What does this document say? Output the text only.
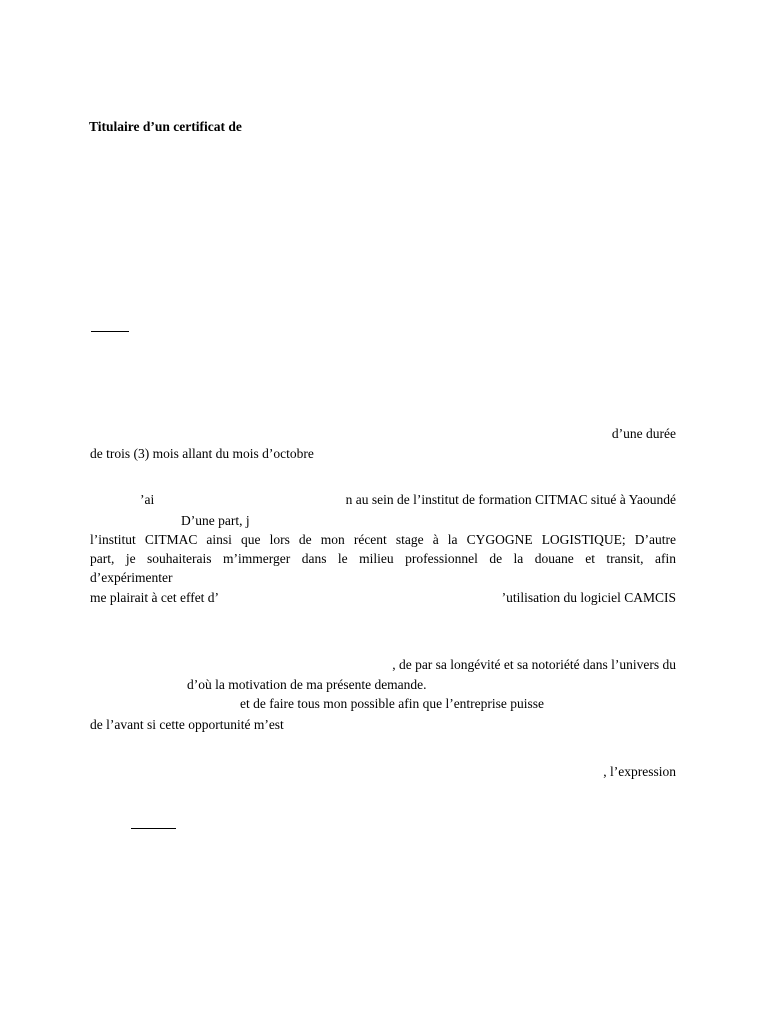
Titulaire d’un certificat de
d’une durée
de trois (3) mois allant du mois d’octobre
’ai	n au sein de l’institut de formation CITMAC situé à Yaoundé
D’une part, j
l’institut CITMAC ainsi que lors de mon récent stage à la CYGOGNE LOGISTIQUE; D’autre
part, je souhaiterais m’immerger dans le milieu professionnel de la douane et transit, afin
d’expérimenter
me plairait à cet effet d’	’utilisation du logiciel CAMCIS
, de par sa longévité et sa notoriété dans l’univers du
d’où la motivation de ma présente demande.
et de faire tous mon possible afin que l’entreprise puisse
de l’avant si cette opportunité m’est
, l’expression
